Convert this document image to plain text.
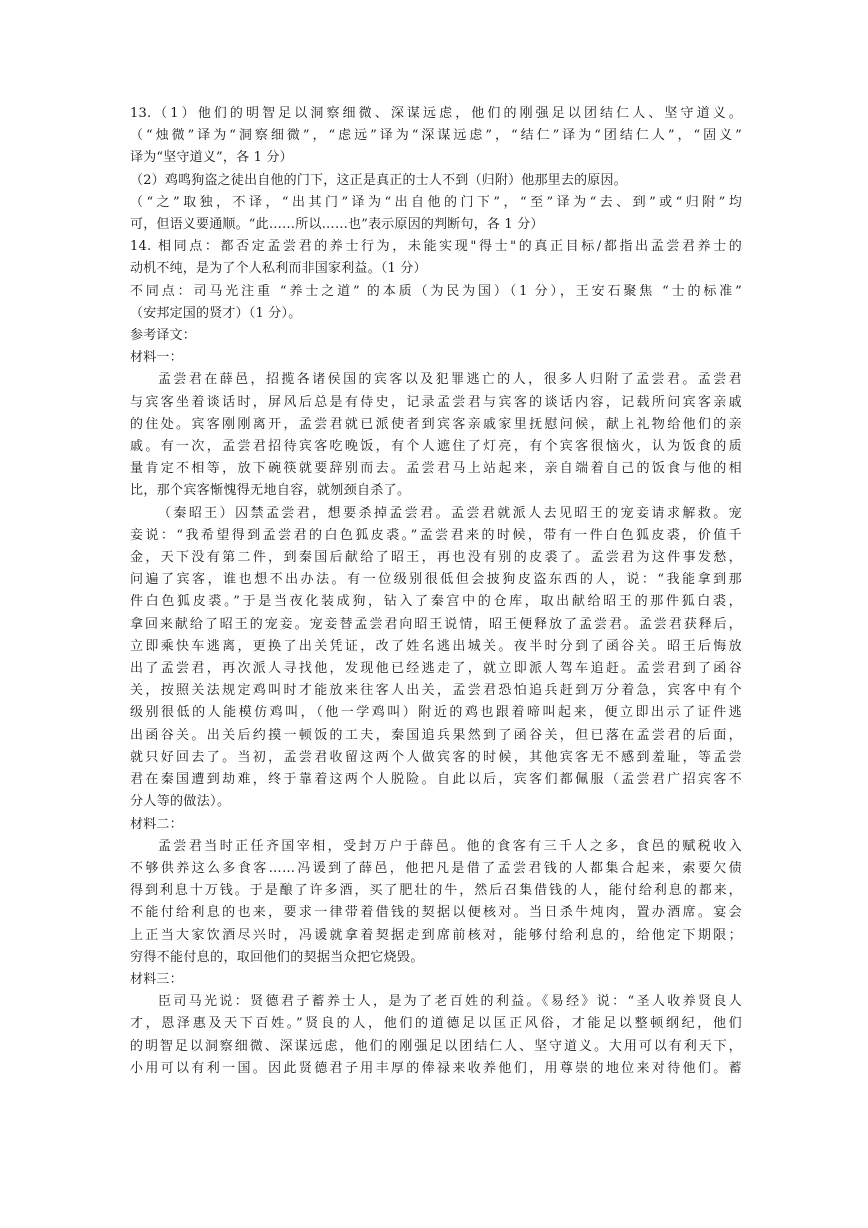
13.（1）他们的明智足以洞察细微、深谋远虑，他们的刚强足以团结仁人、坚守道义。
（“烛微”译为“洞察细微”，“虑远”译为“深谋远虑”，“结仁”译为“团结仁人”，“固义”
译为“坚守道义”，各 1 分）
（2）鸡鸣狗盗之徒出自他的门下，这正是真正的士人不到（归附）他那里去的原因。
（“之”取独，不译，“出其门”译为“出自他的门下”，“至”译为“去、到”或“归附”均
可，但语义要通顺。“此……所以……也”表示原因的判断句，各 1 分）
14. 相同点：都否定孟尝君的养士行为，未能实现"得士"的真正目标/都指出孟尝君养士的
动机不纯，是为了个人私利而非国家利益。（1 分）
不同点：司马光注重 “养士之道” 的本质（为民为国）（1 分），王安石聚焦 “士的标准”
（安邦定国的贤才）（1 分）。
参考译文：
材料一：
孟尝君在薛邑，招揽各诸侯国的宾客以及犯罪逃亡的人，很多人归附了孟尝君。孟尝君
与宾客坐着谈话时，屏风后总是有侍史，记录孟尝君与宾客的谈话内容，记载所问宾客亲戚
的住处。宾客刚刚离开，孟尝君就已派使者到宾客亲戚家里抚慰问候，献上礼物给他们的亲
戚。有一次，孟尝君招待宾客吃晚饭，有个人遮住了灯亮，有个宾客很恼火，认为饭食的质
量肯定不相等，放下碗筷就要辞别而去。孟尝君马上站起来，亲自端着自己的饭食与他的相
比，那个宾客惭愧得无地自容，就刎颈自杀了。
（秦昭王）囚禁孟尝君，想要杀掉孟尝君。孟尝君就派人去见昭王的宠妾请求解救。宠
妾说：“我希望得到孟尝君的白色狐皮裘。”孟尝君来的时候，带有一件白色狐皮裘，价值千
金，天下没有第二件，到秦国后献给了昭王，再也没有别的皮裘了。孟尝君为这件事发愁，
问遍了宾客，谁也想不出办法。有一位级别很低但会披狗皮盗东西的人，说：“我能拿到那
件白色狐皮裘。”于是当夜化装成狗，钻入了秦宫中的仓库，取出献给昭王的那件狐白裘，
拿回来献给了昭王的宠妾。宠妾替孟尝君向昭王说情，昭王便释放了孟尝君。孟尝君获释后，
立即乘快车逃离，更换了出关凭证，改了姓名逃出城关。夜半时分到了函谷关。昭王后悔放
出了孟尝君，再次派人寻找他，发现他已经逃走了，就立即派人驾车追赶。孟尝君到了函谷
关，按照关法规定鸡叫时才能放来往客人出关，孟尝君恐怕追兵赶到万分着急，宾客中有个
级别很低的人能模仿鸡叫，（他一学鸡叫）附近的鸡也跟着啼叫起来，便立即出示了证件逃
出函谷关。出关后约摸一顿饭的工夫，秦国追兵果然到了函谷关，但已落在孟尝君的后面，
就只好回去了。当初，孟尝君收留这两个人做宾客的时候，其他宾客无不感到羞耻，等孟尝
君在秦国遭到劫难，终于靠着这两个人脱险。自此以后，宾客们都佩服（孟尝君广招宾客不
分人等的做法）。
材料二：
孟尝君当时正任齐国宰相，受封万户于薛邑。他的食客有三千人之多，食邑的赋税收入
不够供养这么多食客……冯谖到了薛邑，他把凡是借了孟尝君钱的人都集合起来，索要欠债
得到利息十万钱。于是酿了许多酒，买了肥壮的牛，然后召集借钱的人，能付给利息的都来，
不能付给利息的也来，要求一律带着借钱的契据以便核对。当日杀牛炖肉，置办酒席。宴会
上正当大家饮酒尽兴时，冯谖就拿着契据走到席前核对，能够付给利息的，给他定下期限；
穷得不能付息的，取回他们的契据当众把它烧毁。
材料三：
臣司马光说：贤德君子蓄养士人，是为了老百姓的利益。《易经》说：“圣人收养贤良人
才，恩泽惠及天下百姓。”贤良的人，他们的道德足以匡正风俗，才能足以整顿纲纪，他们
的明智足以洞察细微、深谋远虑，他们的刚强足以团结仁人、坚守道义。大用可以有利天下，
小用可以有利一国。因此贤德君子用丰厚的俸禄来收养他们，用尊崇的地位来对待他们。蓄
